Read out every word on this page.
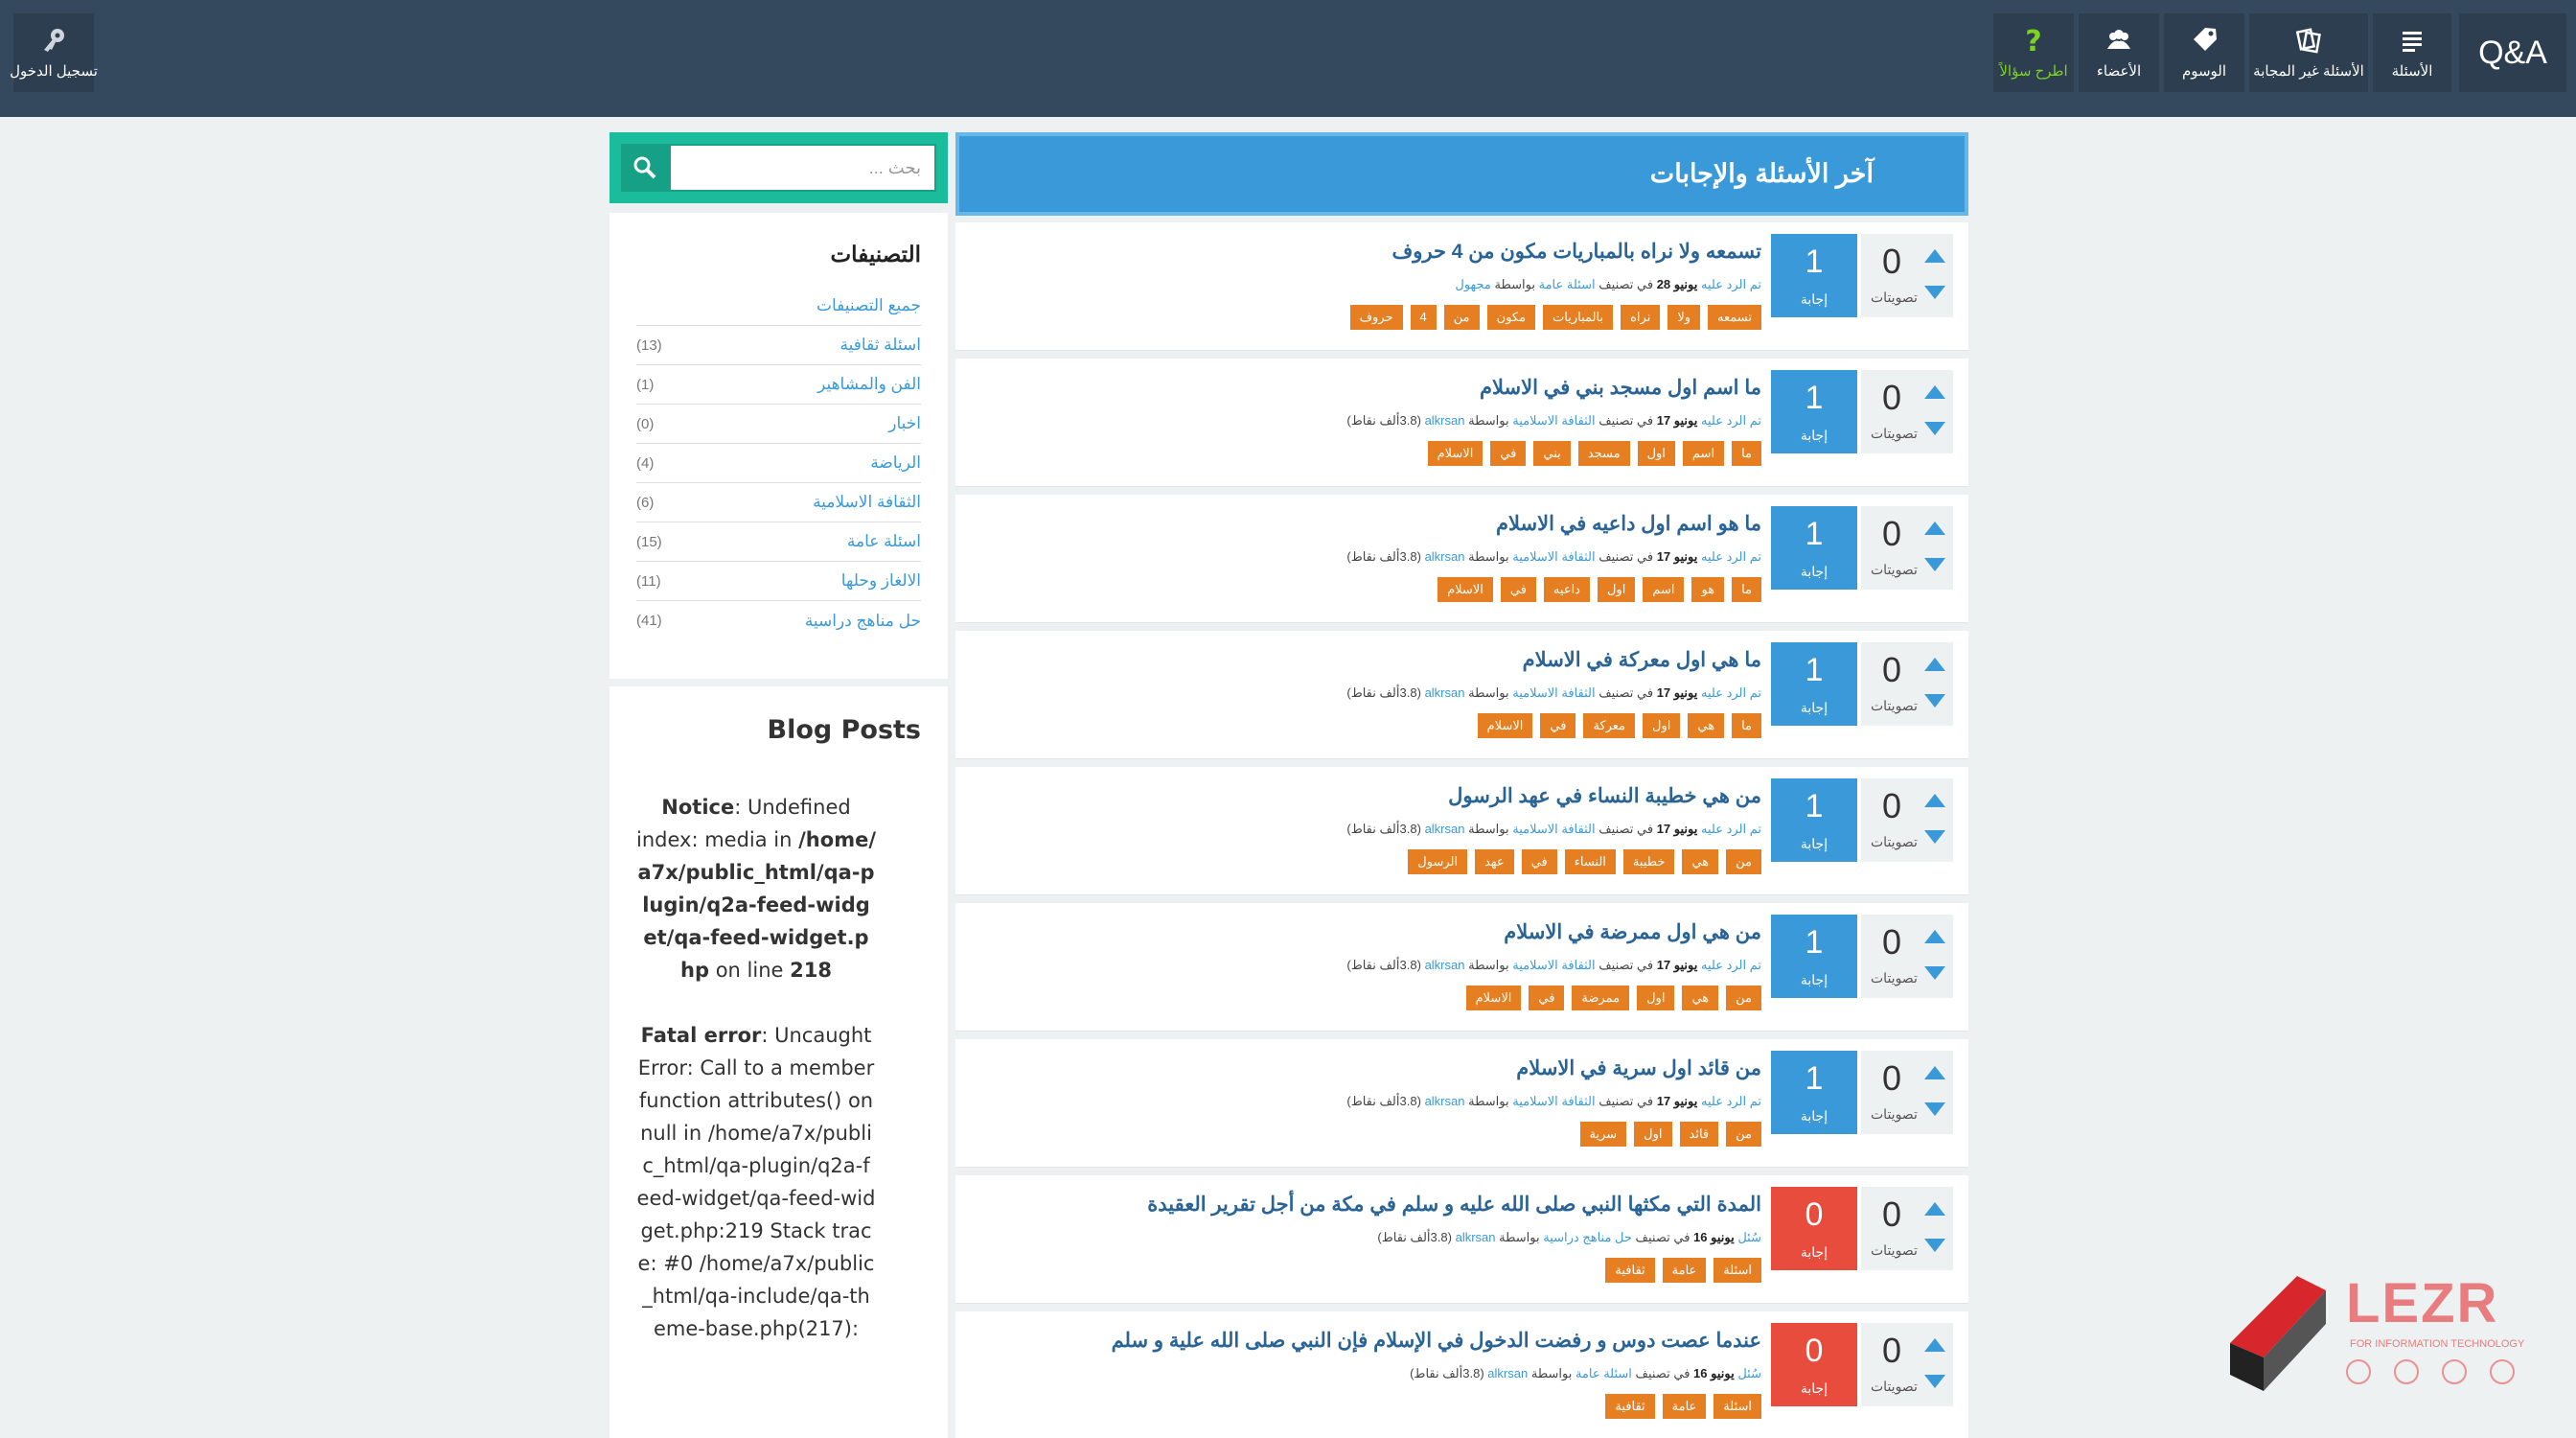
Q&A
الأسئلة
الأسئلة غير المجابة
الوسوم
الأعضاء
?
اطرح سؤالاً
تسجيل الدخول
آخر الأسئلة والإجابات
0
تصويتات
1
إجابة
تسمعه ولا نراه بالمباريات مكون من 4 حروف
تم الرد عليه يونيو 28 في تصنيف اسئلة عامة بواسطة مجهول
تسمعه
ولا
نراه
بالمباريات
مكون
من
4
حروف
0
تصويتات
1
إجابة
ما اسم اول مسجد بني في الاسلام
تم الرد عليه يونيو 17 في تصنيف الثقافة الاسلامية بواسطة alkrsan (3.8ألف نقاط)
ما
اسم
اول
مسجد
بني
في
الاسلام
0
تصويتات
1
إجابة
ما هو اسم اول داعيه في الاسلام
تم الرد عليه يونيو 17 في تصنيف الثقافة الاسلامية بواسطة alkrsan (3.8ألف نقاط)
ما
هو
اسم
اول
داعيه
في
الاسلام
0
تصويتات
1
إجابة
ما هي اول معركة في الاسلام
تم الرد عليه يونيو 17 في تصنيف الثقافة الاسلامية بواسطة alkrsan (3.8ألف نقاط)
ما
هي
اول
معركة
في
الاسلام
0
تصويتات
1
إجابة
من هي خطيبة النساء في عهد الرسول
تم الرد عليه يونيو 17 في تصنيف الثقافة الاسلامية بواسطة alkrsan (3.8ألف نقاط)
من
هي
خطيبة
النساء
في
عهد
الرسول
0
تصويتات
1
إجابة
من هي اول ممرضة في الاسلام
تم الرد عليه يونيو 17 في تصنيف الثقافة الاسلامية بواسطة alkrsan (3.8ألف نقاط)
من
هي
اول
ممرضة
في
الاسلام
0
تصويتات
1
إجابة
من قائد اول سرية في الاسلام
تم الرد عليه يونيو 17 في تصنيف الثقافة الاسلامية بواسطة alkrsan (3.8ألف نقاط)
من
قائد
اول
سرية
0
تصويتات
0
إجابة
المدة التي مكثها النبي صلى الله عليه و سلم في مكة من أجل تقرير العقيدة
سُئل يونيو 16 في تصنيف حل مناهج دراسية بواسطة alkrsan (3.8ألف نقاط)
اسئلة
عامة
ثقافية
0
تصويتات
0
إجابة
عندما عصت دوس و رفضت الدخول في الإسلام فإن النبي صلى الله علية و سلم
سُئل يونيو 16 في تصنيف اسئلة عامة بواسطة alkrsan (3.8ألف نقاط)
اسئلة
عامة
ثقافية
بحث ...
التصنيفات
جميع التصنيفات
(13)	اسئلة ثقافية
(1)	الفن والمشاهير
(0)	اخبار
(4)	الرياضة
(6)	الثقافة الاسلامية
(15)	اسئلة عامة
(11)	الالغاز وحلها
(41)	حل مناهج دراسية
Blog Posts
Notice: Undefined index: media in /home/a7x/public_html/qa-plugin/q2a-feed-widget/qa-feed-widget.php on line 218
Fatal error: Uncaught Error: Call to a member function attributes() on null in /home/a7x/public_html/qa-plugin/q2a-feed-widget/qa-feed-widget.php:219 Stack trace: #0 /home/a7x/public_html/qa-include/qa-theme-base.php(217):	LEZR
FOR INFORMATION TECHNOLOGY
